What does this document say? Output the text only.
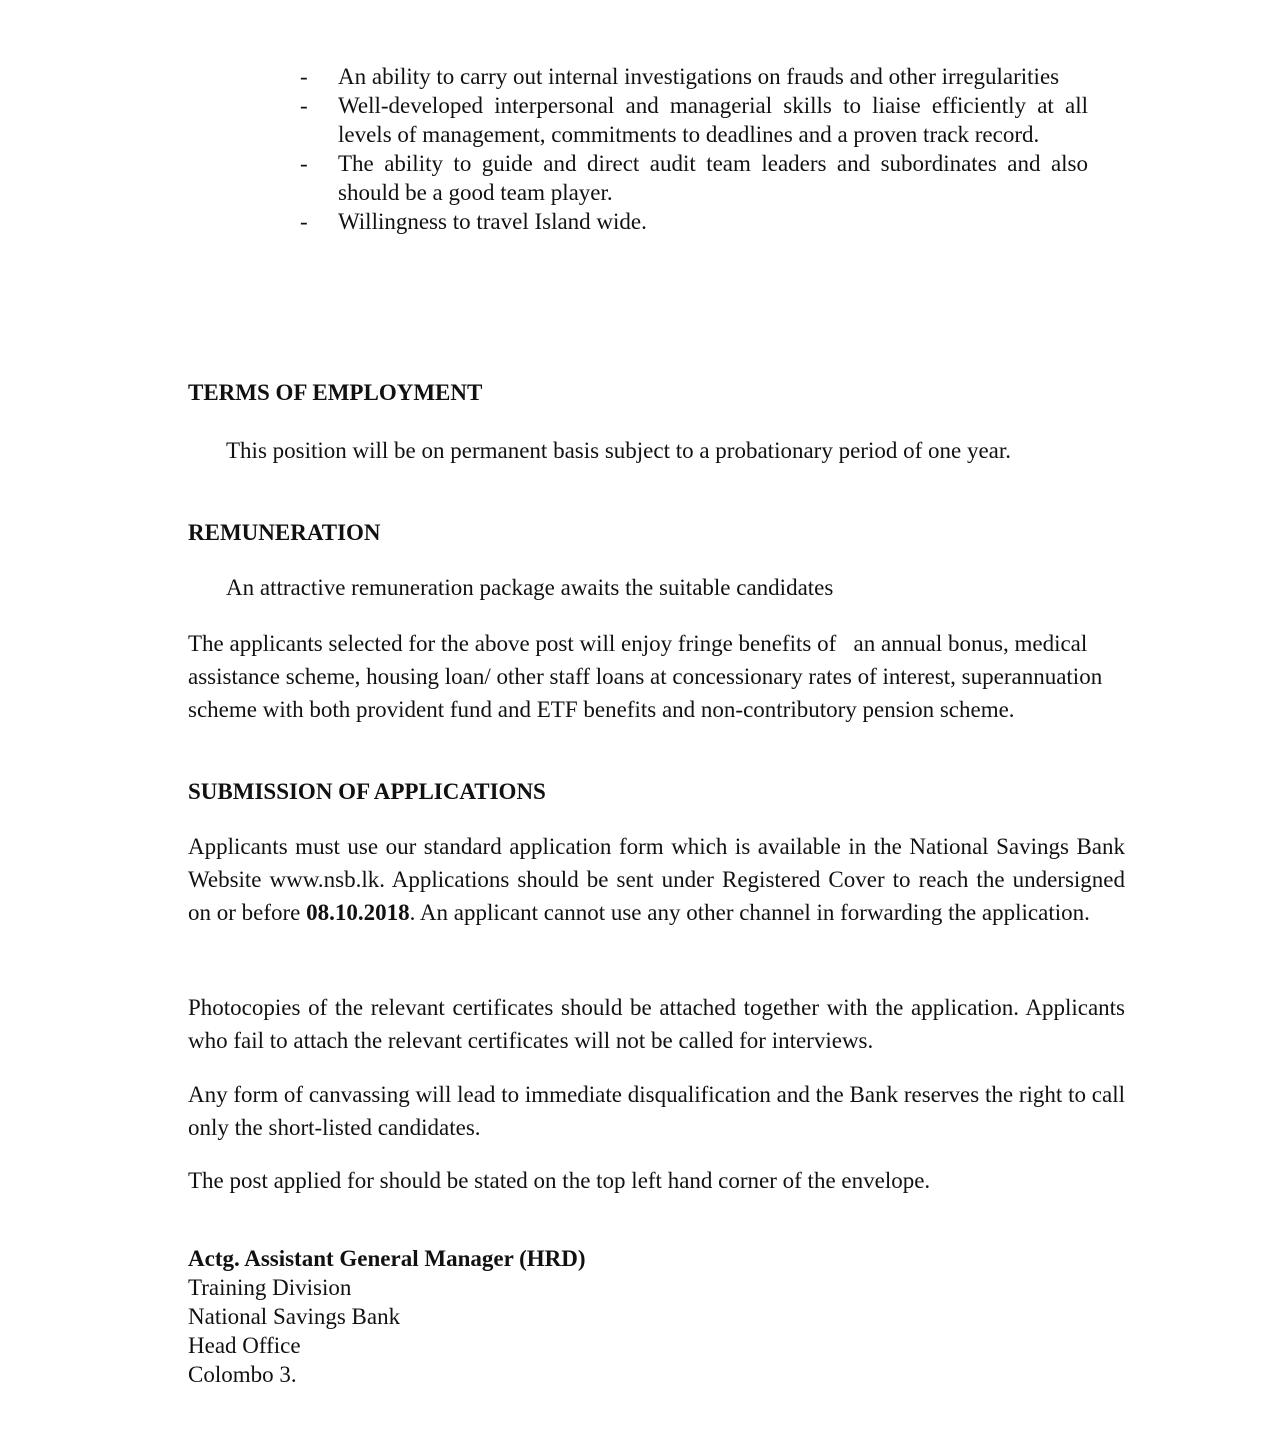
- An ability to carry out internal investigations on frauds and other irregularities
- Well-developed interpersonal and managerial skills to liaise efficiently at all levels of management, commitments to deadlines and a proven track record.
- The ability to guide and direct audit team leaders and subordinates and also should be a good team player.
- Willingness to travel Island wide.
TERMS OF EMPLOYMENT
This position will be on permanent basis subject to a probationary period of one year.
REMUNERATION
An attractive remuneration package awaits the suitable candidates
The applicants selected for the above post will enjoy fringe benefits of   an annual bonus, medical assistance scheme, housing loan/ other staff loans at concessionary rates of interest, superannuation scheme with both provident fund and ETF benefits and non-contributory pension scheme.
SUBMISSION OF APPLICATIONS
Applicants must use our standard application form which is available in the National Savings Bank Website www.nsb.lk. Applications should be sent under Registered Cover to reach the undersigned on or before 08.10.2018. An applicant cannot use any other channel in forwarding the application.
Photocopies of the relevant certificates should be attached together with the application. Applicants who fail to attach the relevant certificates will not be called for interviews.
Any form of canvassing will lead to immediate disqualification and the Bank reserves the right to call only the short-listed candidates.
The post applied for should be stated on the top left hand corner of the envelope.
Actg. Assistant General Manager (HRD)
Training Division
National Savings Bank
Head Office
Colombo 3.
